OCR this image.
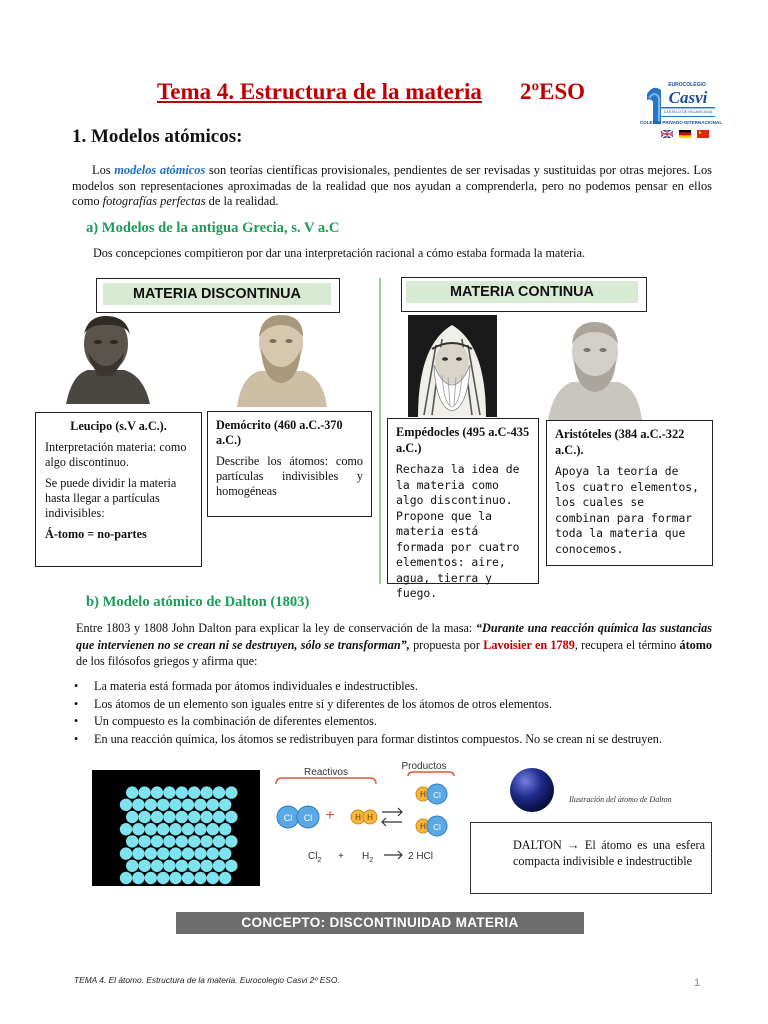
Tema 4. Estructura de la materia 2ºESO	EUROCOLEGIO
Casvi
CASTILLO DE VILLAVICIOSA
COLEGIO PRIVADO INTERNACIONAL
1. Modelos atómicos:
Los modelos atómicos son teorías científicas provisionales, pendientes de ser revisadas y sustituidas por otras mejores. Los modelos son representaciones aproximadas de la realidad que nos ayudan a comprenderla, pero no podemos pensar en ellos como fotografías perfectas de la realidad.
a) Modelos de la antigua Grecia, s. V a.C
Dos concepciones compitieron por dar una interpretación racional a cómo estaba formada la materia.
MATERIA DISCONTINUA	MATERIA CONTINUA

Leucipo (s.V a.C.).

Interpretación materia: como algo discontinuo.

Se puede dividir la materia hasta llegar a partículas indivisibles:

Á-tomo = no-partes

Demócrito (460 a.C.-370 a.C.)

Describe los átomos: como partículas indivisibles y homogéneas

Empédocles (495 a.C-435 a.C.)

Rechaza la idea de la materia como algo discontinuo. Propone que la materia está formada por cuatro elementos: aire, agua, tierra y fuego.

Aristóteles (384 a.C.-322 a.C.).

Apoya la teoría de los cuatro elementos, los cuales se combinan para formar toda la materia que conocemos.

b) Modelo atómico de Dalton (1803)
Entre 1803 y 1808 John Dalton para explicar la ley de conservación de la masa: “Durante una reacción química las sustancias que intervienen no se crean ni se destruyen, sólo se transforman”, propuesta por Lavoisier en 1789, recupera el término átomo de los filósofos griegos y afirma que:
• La materia está formada por átomos individuales e indestructibles.
• Los átomos de un elemento son iguales entre sí y diferentes de los átomos de otros elementos.
• Un compuesto es la combinación de diferentes elementos.
• En una reacción química, los átomos se redistribuyen para formar distintos compuestos. No se crean ni se destruyen.
Reactivos
Productos
Cl Cl +	H H
H Cl
H Cl
$Cl_2 + H_2$	2 HCl
Ilustración del átomo de Dalton
DALTON → El átomo es una esfera compacta indivisible e indestructible
CONCEPTO: DISCONTINUIDAD MATERIA
TEMA 4. El átomo. Estructura de la materia. Eurocolegio Casvi 2º ESO.	1
